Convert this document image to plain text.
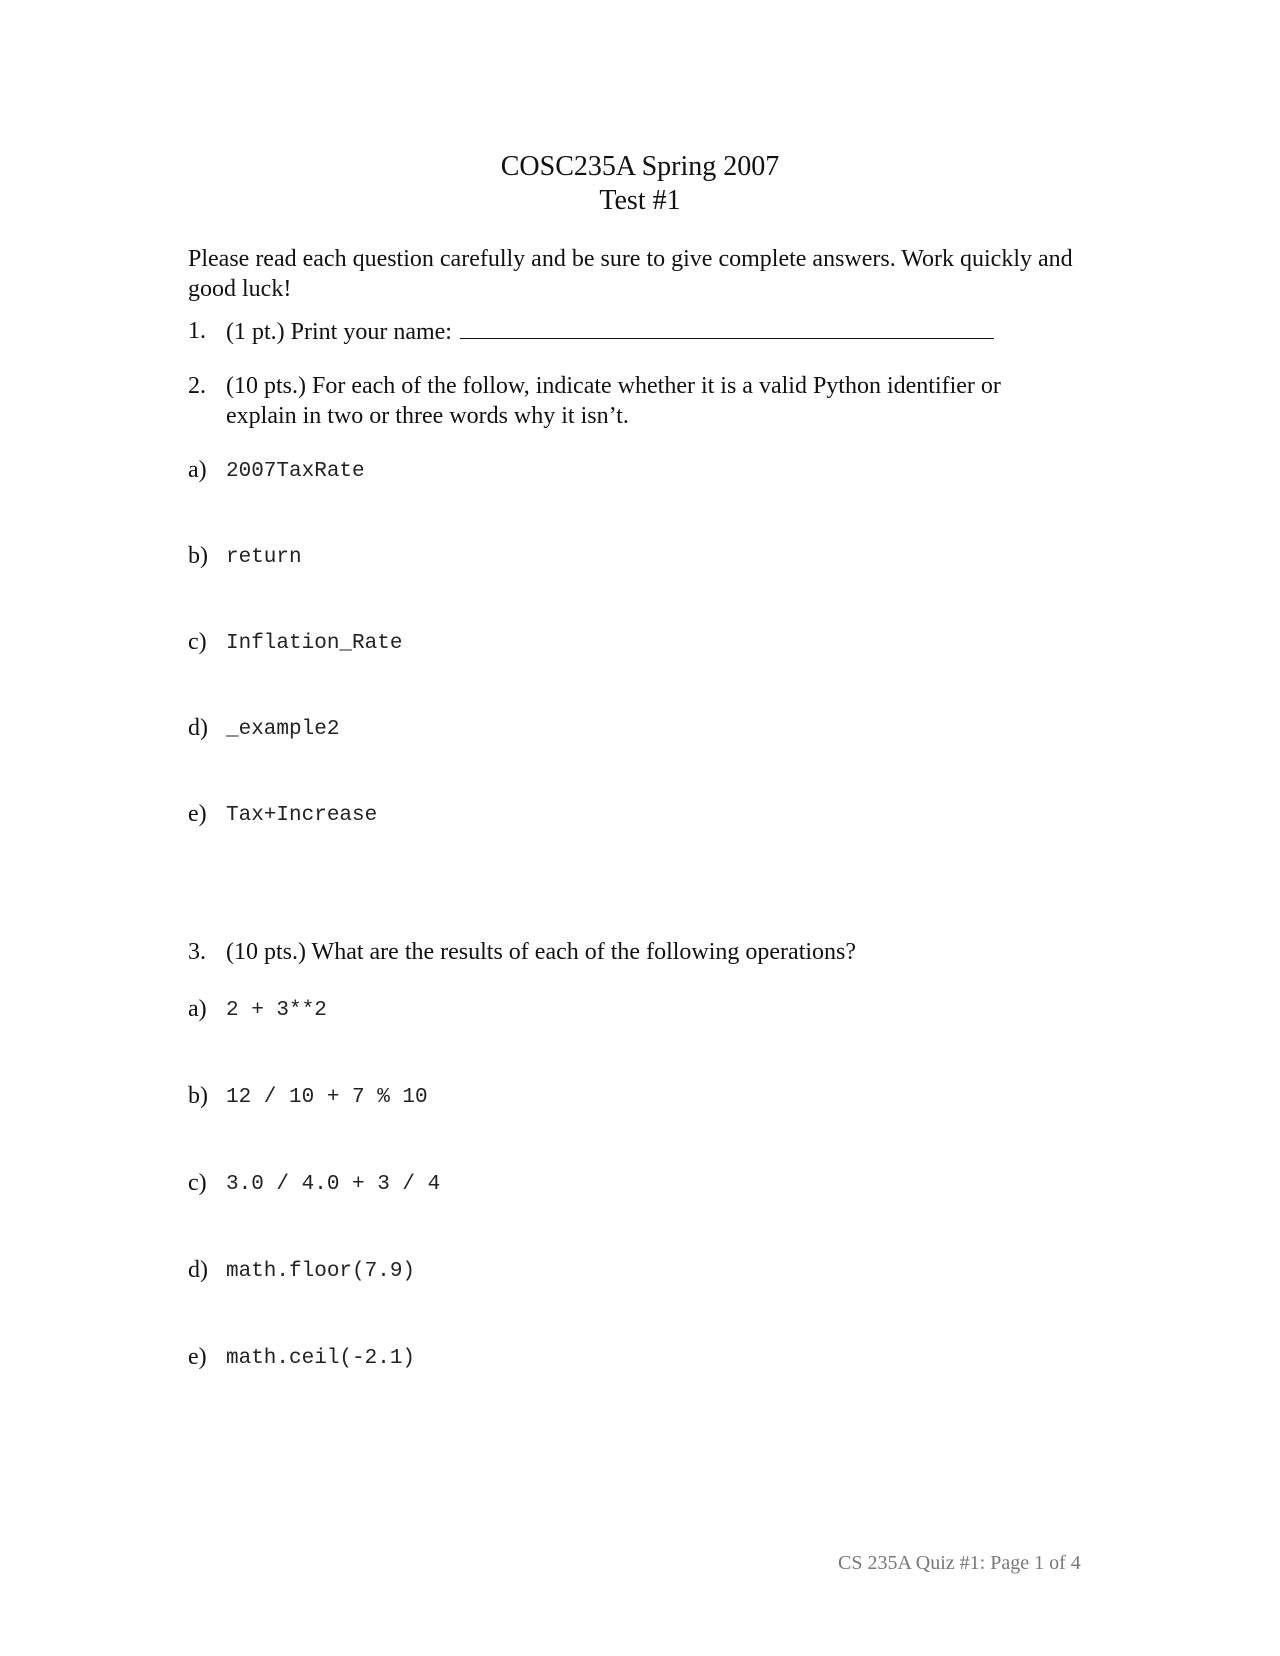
COSC235A Spring 2007
Test #1
Please read each question carefully and be sure to give complete answers. Work quickly and good luck!
1. (1 pt.) Print your name:
2. (10 pts.) For each of the follow, indicate whether it is a valid Python identifier or explain in two or three words why it isn’t.
a) 2007TaxRate
b) return
c) Inflation_Rate
d) _example2
e) Tax+Increase
3. (10 pts.) What are the results of each of the following operations?
a) 2 + 3**2
b) 12 / 10 + 7 % 10
c) 3.0 / 4.0 + 3 / 4
d) math.floor(7.9)
e) math.ceil(-2.1)
CS 235A Quiz #1: Page 1 of 4
